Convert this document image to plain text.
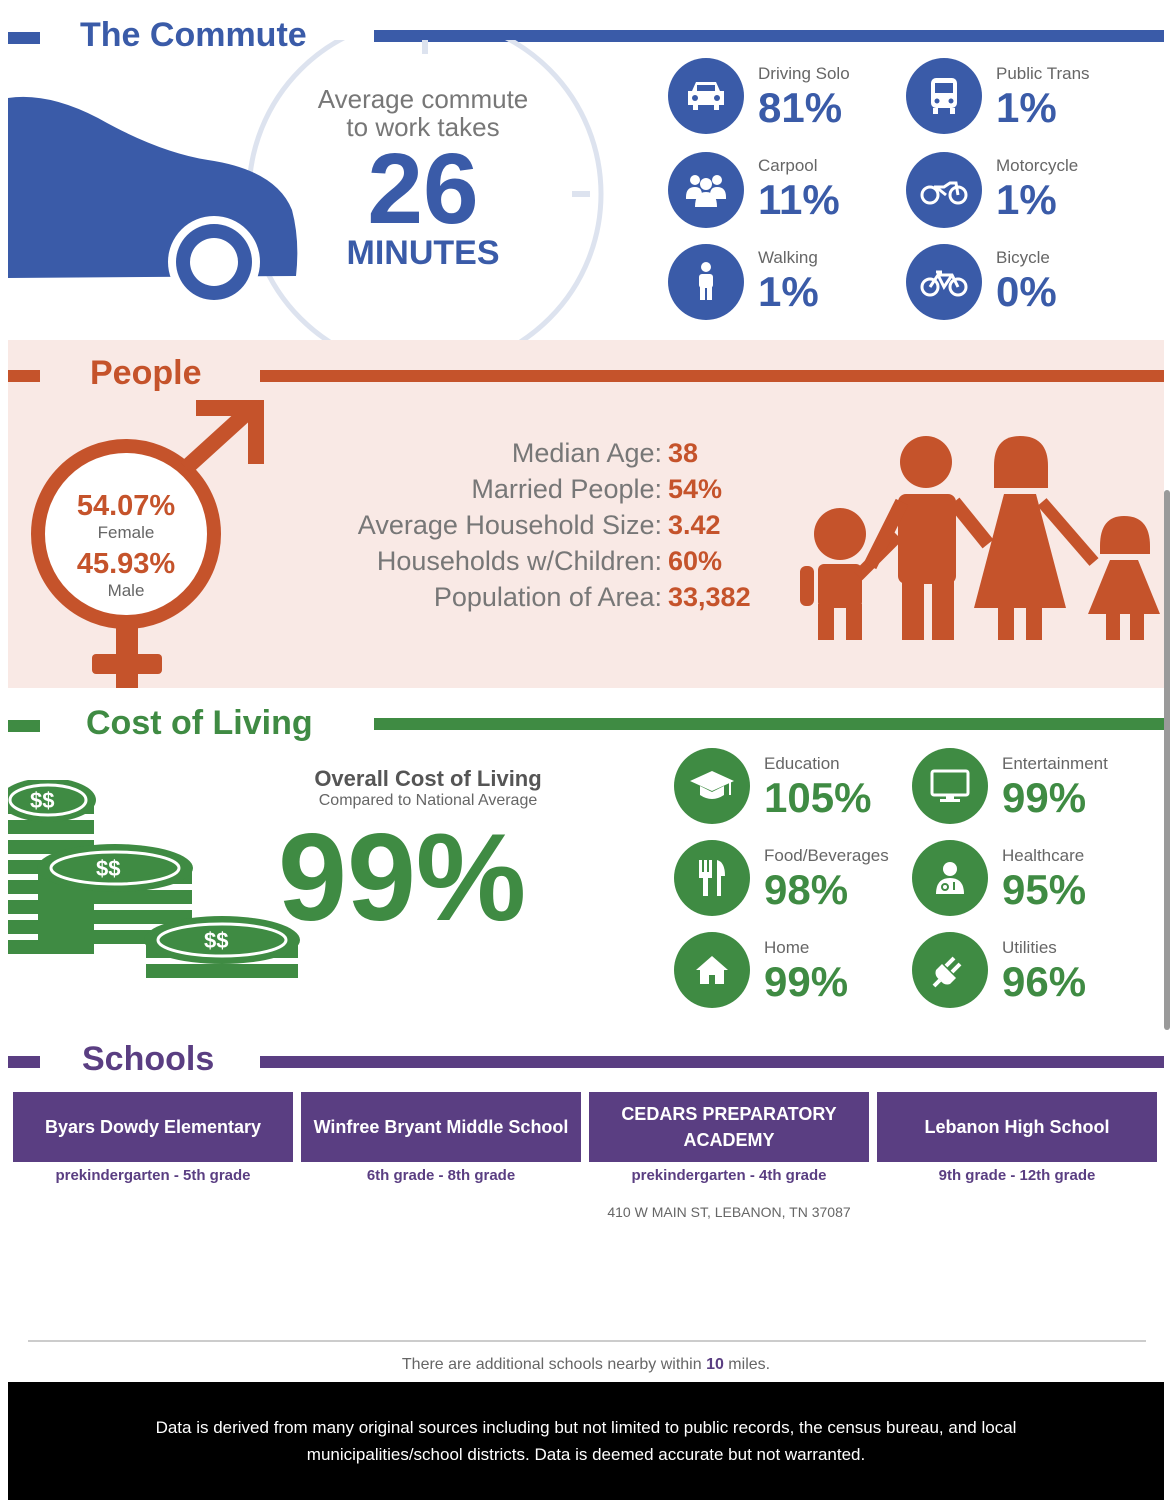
The Commute
Average commute
to work takes
26
MINUTES
Driving Solo
81%
Public Trans
1%
Carpool
11%
Motorcycle
1%
Walking
1%
Bicycle
0%
People
54.07%
Female
45.93%
Male
Median Age: 38
Married People: 54%
Average Household Size: 3.42
Households w/Children: 60%
Population of Area: 33,382
Cost of Living
$$
$$
$$
Overall Cost of Living
Compared to National Average
99%
Education
105%
Entertainment
99%
Food/Beverages
98%
Healthcare
95%
Home
99%
Utilities
96%
Schools
Byars Dowdy Elementary
prekindergarten - 5th grade
Winfree Bryant Middle School
6th grade - 8th grade
CEDARS PREPARATORY ACADEMY
prekindergarten - 4th grade
410 W MAIN ST, LEBANON, TN 37087
Lebanon High School
9th grade - 12th grade
There are additional schools nearby within 10 miles.
Data is derived from many original sources including but not limited to public records, the census bureau, and local municipalities/school districts. Data is deemed accurate but not warranted.
